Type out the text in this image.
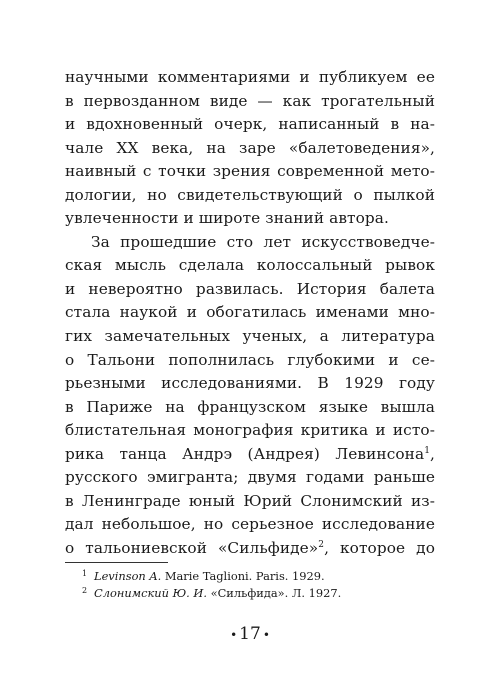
научными комментариями и публикуем ее
в первозданном виде — как трогательный
и вдохновенный очерк, написанный в на-
чале XX века, на заре «балетоведения»,
наивный с точки зрения современной мето-
дологии, но свидетельствующий о пылкой
увлеченности и широте знаний автора.

За прошедшие сто лет искусствоведче-
ская мысль сделала колоссальный рывок
и невероятно развилась. История балета
стала наукой и обогатилась именами мно-
гих замечательных ученых, а литература
о Тальони пополнилась глубокими и се-
рьезными исследованиями. В 1929 году
в Париже на французском языке вышла
блистательная монография критика и исто-
рика танца Андрэ (Андрея) Левинсона$^1$,
русского эмигранта; двумя годами раньше
в Ленинграде юный Юрий Слонимский из-
дал небольшое, но серьезное исследование
о тальониевской «Сильфиде»$^2$, которое до

1 Levinson A. Marie Taglioni. Paris. 1929.
2 Слонимский Ю. И. «Сильфида». Л. 1927.
• 17 •
